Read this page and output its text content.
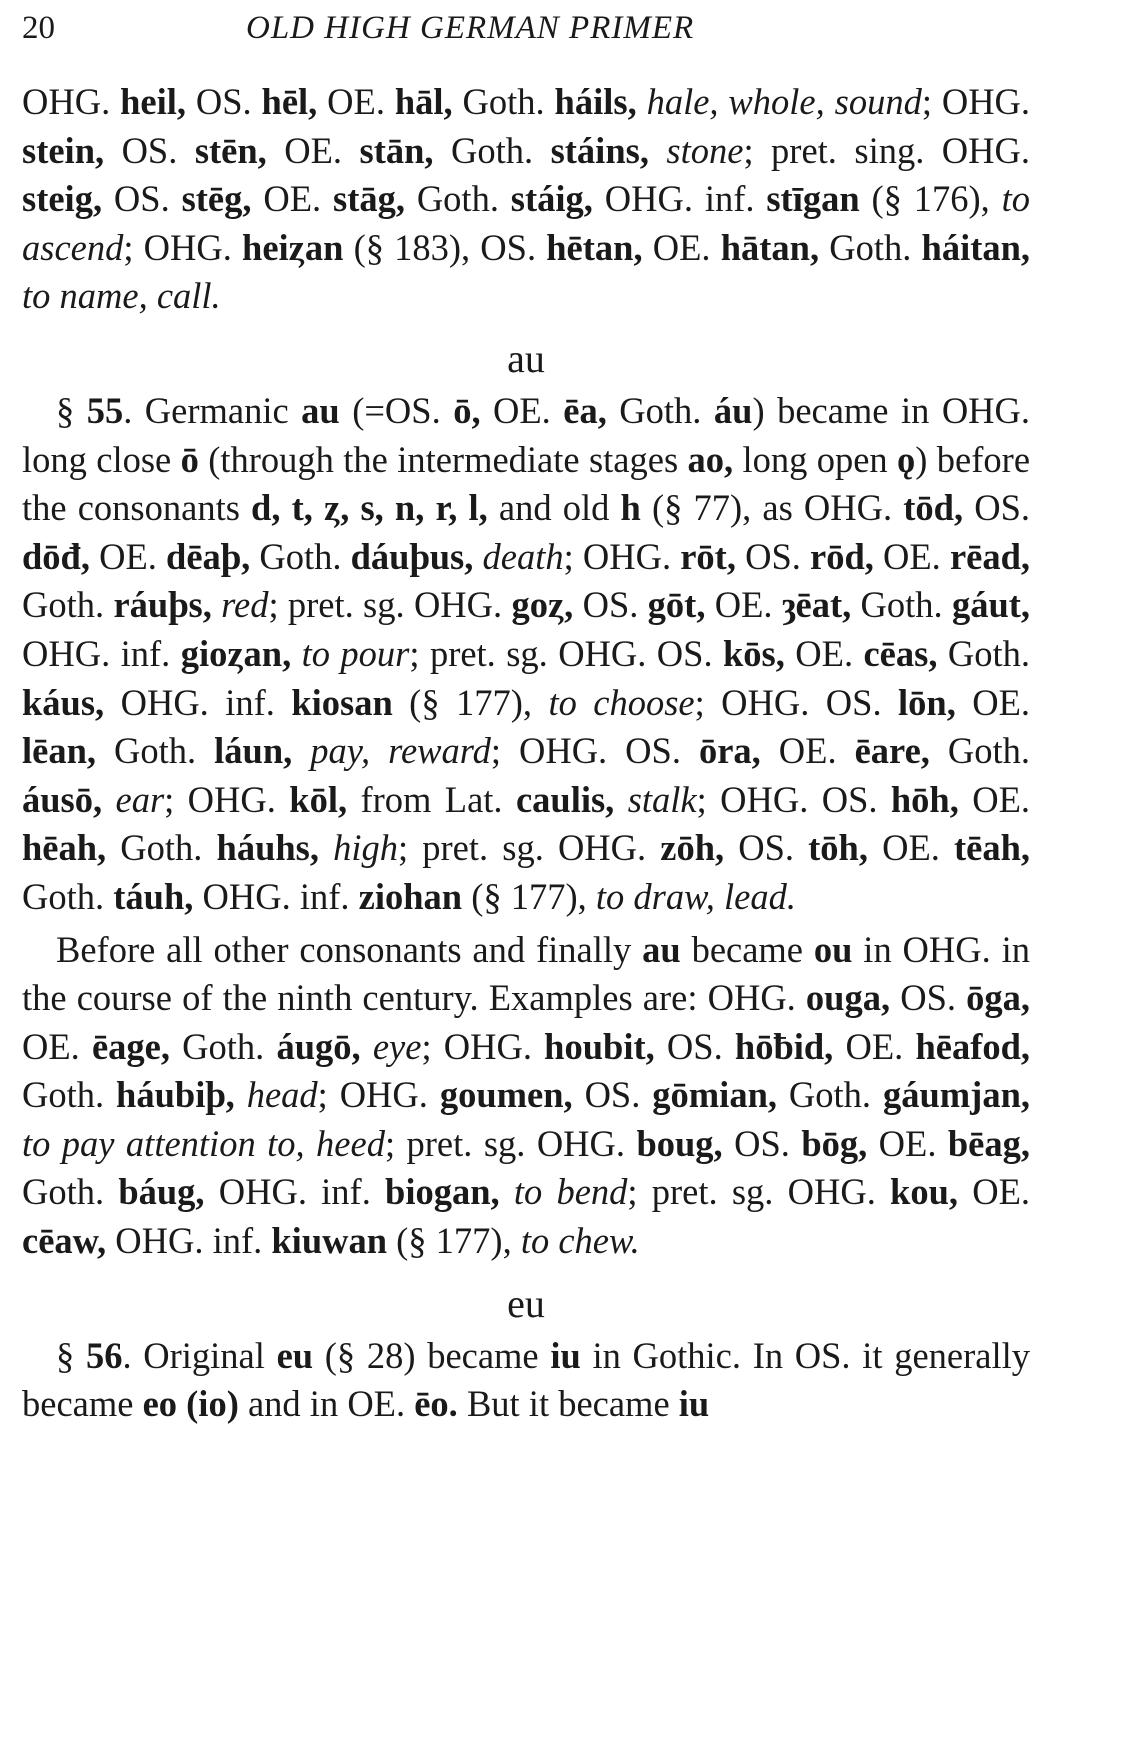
20	OLD HIGH GERMAN PRIMER

OHG. heil, OS. hēl, OE. hāl, Goth. háils, hale, whole, sound; OHG. stein, OS. stēn, OE. stān, Goth. stáins, stone; pret. sing. OHG. steig, OS. stēg, OE. stāg, Goth. stáig, OHG. inf. stīgan (§ 176), to ascend; OHG. heiȥan (§ 183), OS. hētan, OE. hātan, Goth. háitan, to name, call.

au

§ 55. Germanic au (=OS. ō, OE. ēa, Goth. áu) became in OHG. long close ō (through the intermediate stages ao, long open ǫ) before the consonants d, t, ȥ, s, n, r, l, and old h (§ 77), as OHG. tōd, OS. dōđ, OE. dēaþ, Goth. dáuþus, death; OHG. rōt, OS. rōd, OE. rēad, Goth. ráuþs, red; pret. sg. OHG. goȥ, OS. gōt, OE. ȝēat, Goth. gáut, OHG. inf. gioȥan, to pour; pret. sg. OHG. OS. kōs, OE. cēas, Goth. káus, OHG. inf. kiosan (§ 177), to choose; OHG. OS. lōn, OE. lēan, Goth. láun, pay, reward; OHG. OS. ōra, OE. ēare, Goth. áusō, ear; OHG. kōl, from Lat. caulis, stalk; OHG. OS. hōh, OE. hēah, Goth. háuhs, high; pret. sg. OHG. zōh, OS. tōh, OE. tēah, Goth. táuh, OHG. inf. ziohan (§ 177), to draw, lead.

Before all other consonants and finally au became ou in OHG. in the course of the ninth century. Examples are: OHG. ouga, OS. ōga, OE. ēage, Goth. áugō, eye; OHG. houbit, OS. hōƀid, OE. hēafod, Goth. háubiþ, head; OHG. goumen, OS. gōmian, Goth. gáumjan, to pay attention to, heed; pret. sg. OHG. boug, OS. bōg, OE. bēag, Goth. báug, OHG. inf. biogan, to bend; pret. sg. OHG. kou, OE. cēaw, OHG. inf. kiuwan (§ 177), to chew.

eu

§ 56. Original eu (§ 28) became iu in Gothic. In OS. it generally became eo (io) and in OE. ēo. But it became iu
